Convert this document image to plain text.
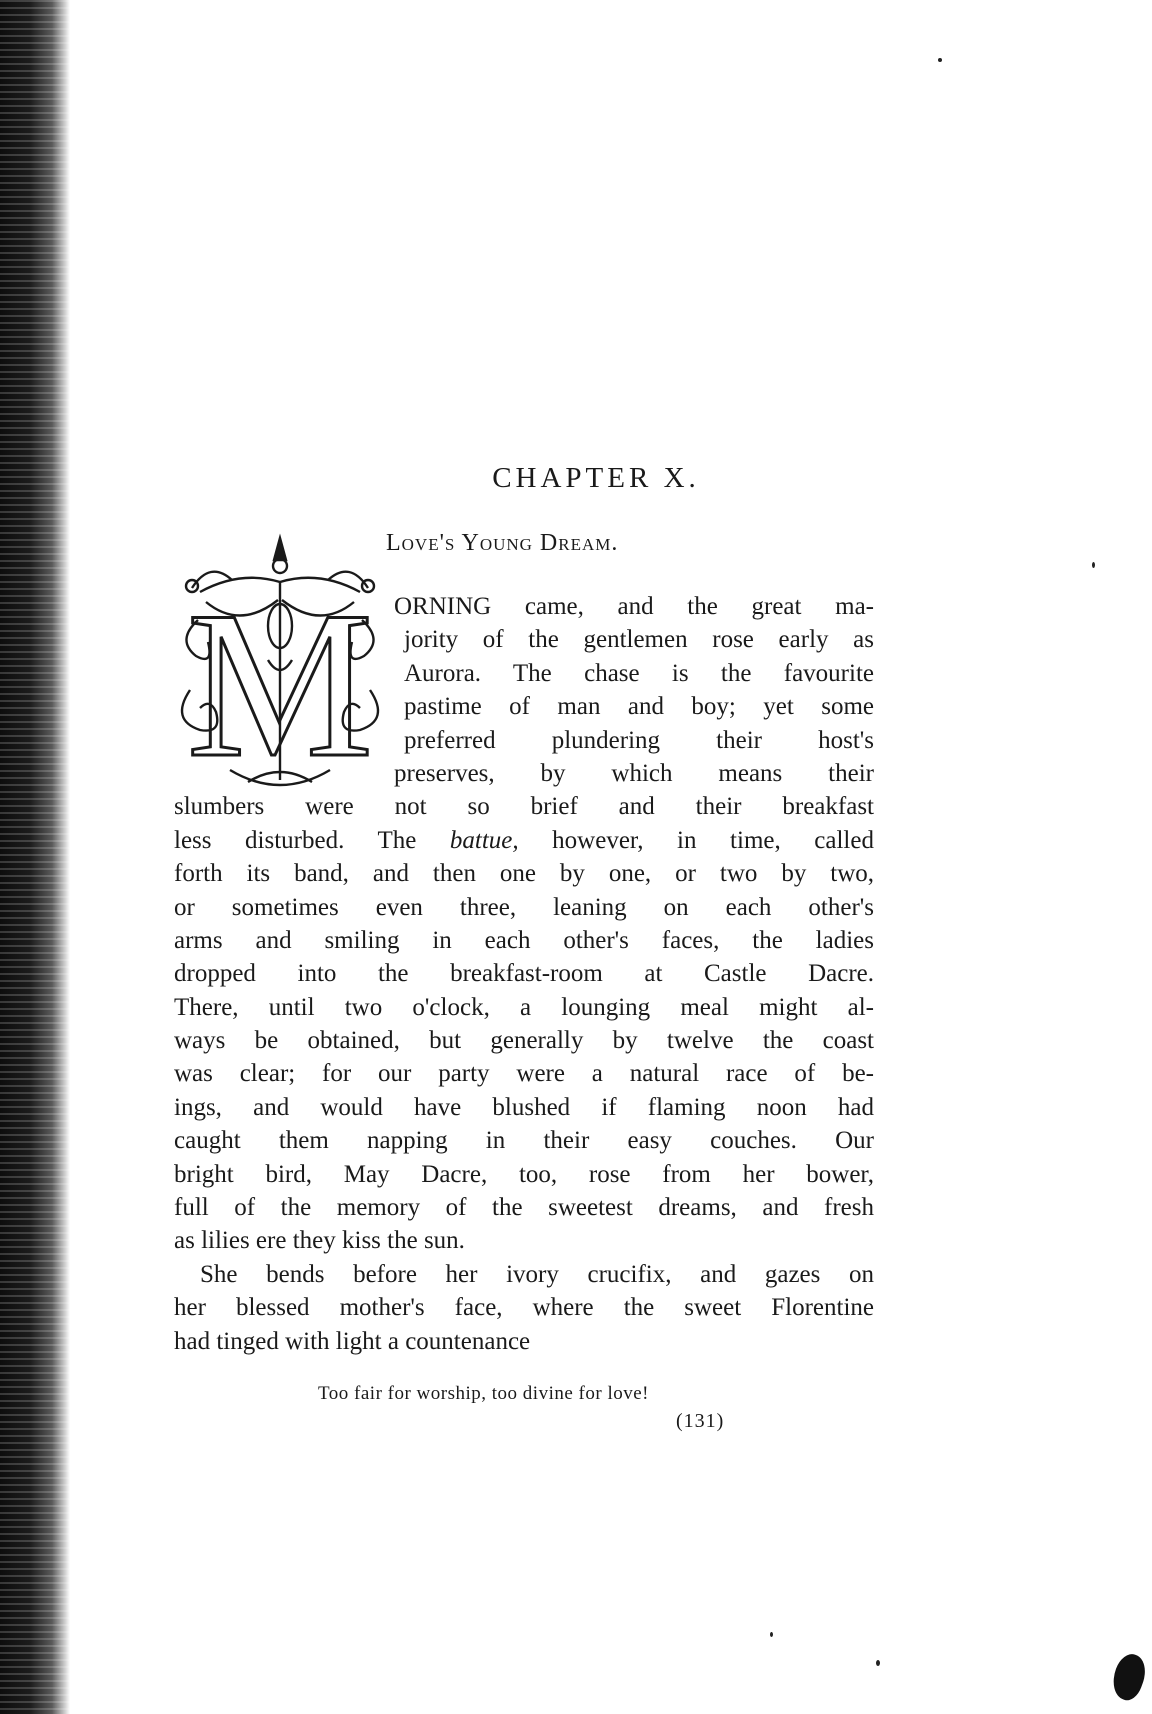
CHAPTER X.
Love's Young Dream.
M ORNING came, and the great ma-
jority of the gentlemen rose early as
Aurora. The chase is the favourite
pastime of man and boy; yet some
preferred plundering their host's
preserves, by which means their
slumbers were not so brief and their breakfast
less disturbed. The battue, however, in time, called
forth its band, and then one by one, or two by two,
or sometimes even three, leaning on each other's
arms and smiling in each other's faces, the ladies
dropped into the breakfast-room at Castle Dacre.
There, until two o'clock, a lounging meal might al-
ways be obtained, but generally by twelve the coast
was clear; for our party were a natural race of be-
ings, and would have blushed if flaming noon had
caught them napping in their easy couches. Our
bright bird, May Dacre, too, rose from her bower,
full of the memory of the sweetest dreams, and fresh
as lilies ere they kiss the sun.
She bends before her ivory crucifix, and gazes on
her blessed mother's face, where the sweet Florentine
had tinged with light a countenance
Too fair for worship, too divine for love!
(131)
